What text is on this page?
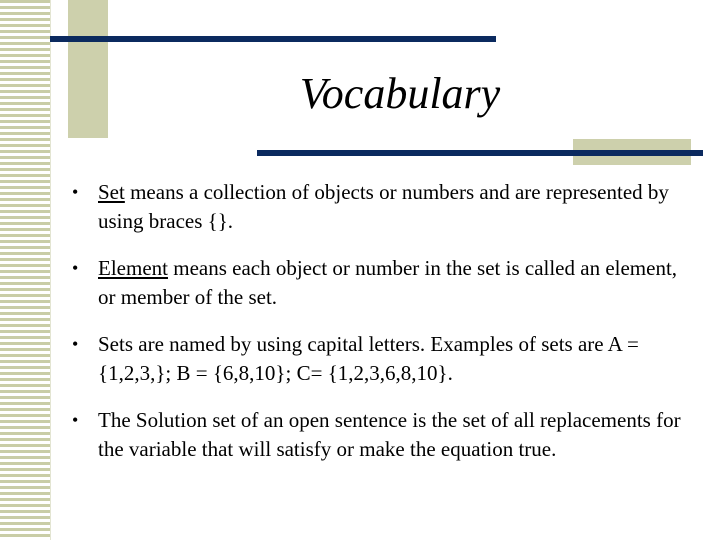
Vocabulary
• Set means a collection of objects or numbers and are represented by using braces {}.
• Element means each object or number in the set is called an element, or member of the set.
• Sets are named by using capital letters. Examples of sets are A = {1,2,3,}; B = {6,8,10}; C= {1,2,3,6,8,10}.
• The Solution set of an open sentence is the set of all replacements for the variable that will satisfy or make the equation true.
